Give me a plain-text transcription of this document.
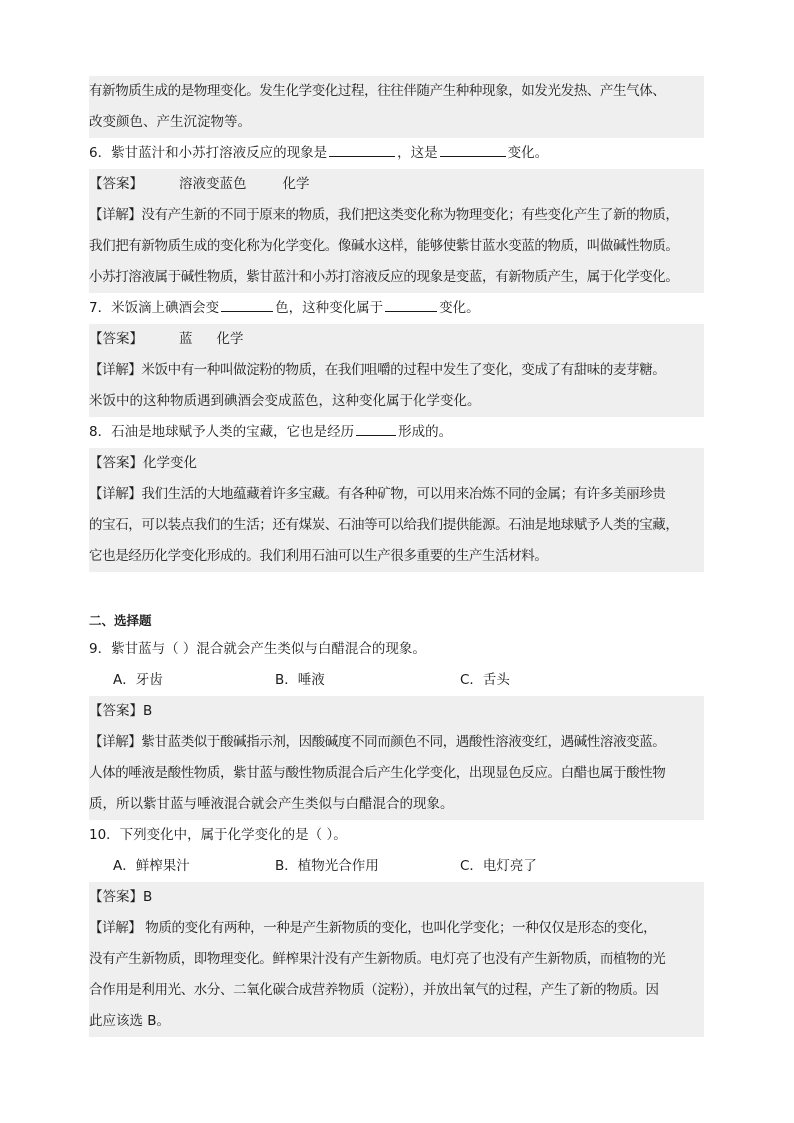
有新物质生成的是物理变化。发生化学变化过程，往往伴随产生种种现象，如发光发热、产生气体、
改变颜色、产生沉淀物等。
6．紫甘蓝汁和小苏打溶液反应的现象是	，这是	变化。
【答案】	溶液变蓝色	化学
【详解】没有产生新的不同于原来的物质，我们把这类变化称为物理变化；有些变化产生了新的物质，
我们把有新物质生成的变化称为化学变化。像碱水这样，能够使紫甘蓝水变蓝的物质，叫做碱性物质。
小苏打溶液属于碱性物质，紫甘蓝汁和小苏打溶液反应的现象是变蓝，有新物质产生，属于化学变化。
7．米饭滴上碘酒会变	色，这种变化属于	变化。
【答案】	蓝 化学
【详解】米饭中有一种叫做淀粉的物质，在我们咀嚼的过程中发生了变化，变成了有甜味的麦芽糖。
米饭中的这种物质遇到碘酒会变成蓝色，这种变化属于化学变化。
8．石油是地球赋予人类的宝藏，它也是经历	形成的。
【答案】化学变化
【详解】我们生活的大地蕴藏着许多宝藏。有各种矿物，可以用来冶炼不同的金属；有许多美丽珍贵
的宝石，可以装点我们的生活；还有煤炭、石油等可以给我们提供能源。石油是地球赋予人类的宝藏，
它也是经历化学变化形成的。我们利用石油可以生产很多重要的生产生活材料。
二、选择题
9．紫甘蓝与（ ）混合就会产生类似与白醋混合的现象。
A．牙齿	B．唾液	C．舌头
【答案】B
【详解】紫甘蓝类似于酸碱指示剂，因酸碱度不同而颜色不同，遇酸性溶液变红，遇碱性溶液变蓝。
人体的唾液是酸性物质，紫甘蓝与酸性物质混合后产生化学变化，出现显色反应。白醋也属于酸性物
质，所以紫甘蓝与唾液混合就会产生类似与白醋混合的现象。
10．下列变化中，属于化学变化的是（ ）。
A．鲜榨果汁	B．植物光合作用	C．电灯亮了
【答案】B
【详解】 物质的变化有两种，一种是产生新物质的变化，也叫化学变化；一种仅仅是形态的变化，
没有产生新物质，即物理变化。鲜榨果汁没有产生新物质。电灯亮了也没有产生新物质，而植物的光
合作用是利用光、水分、二氧化碳合成营养物质（淀粉），并放出氧气的过程，产生了新的物质。因
此应该选 B。
